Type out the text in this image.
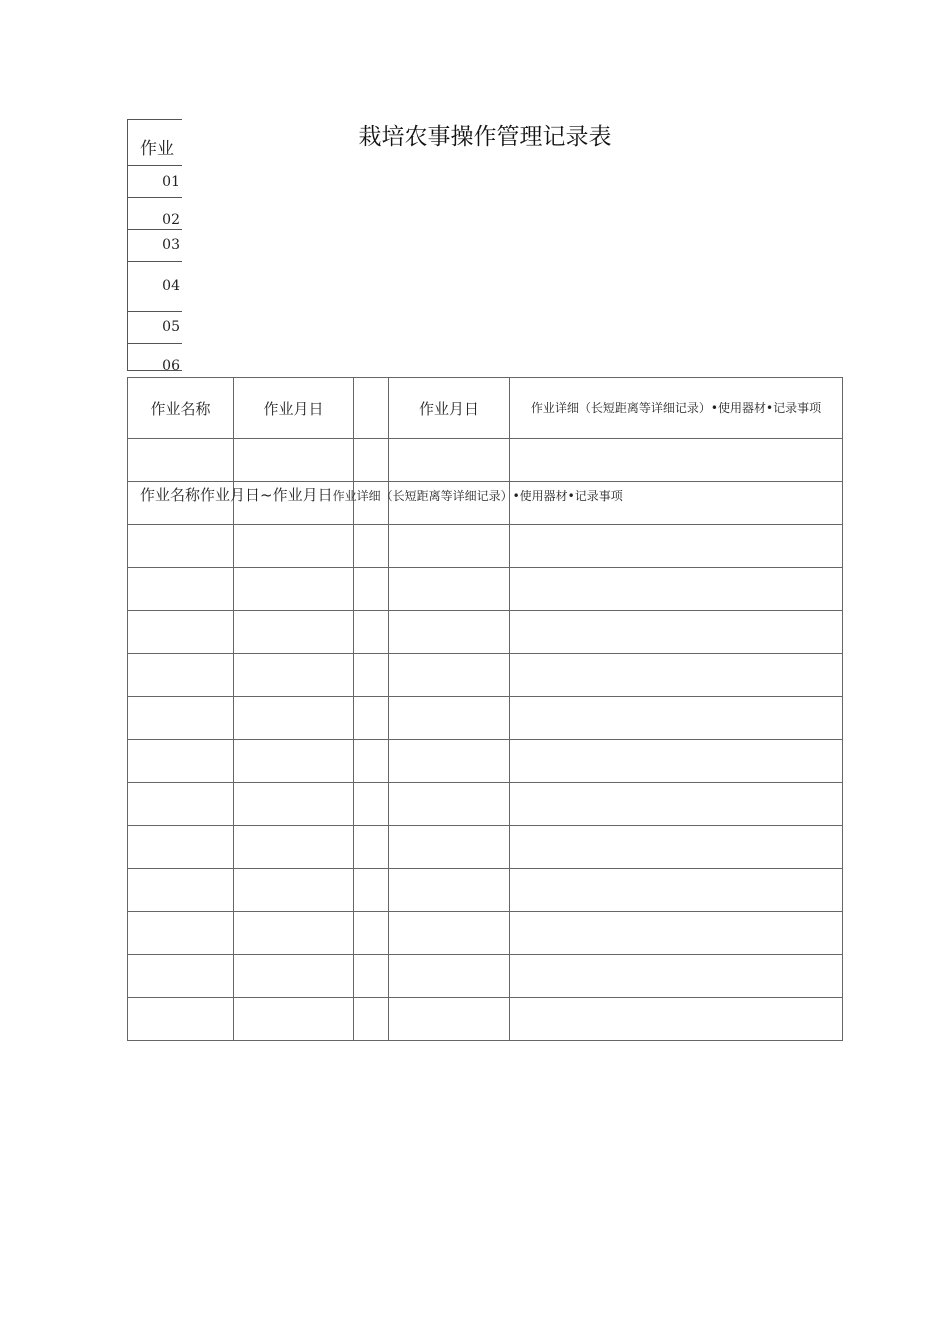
栽培农事操作管理记录表
作业
01
02
03
04
05
06
作业名称	作业月日		作业月日	作业详细（长短距离等详细记录）•使用器材•记录事项

作业名称作业月日~作业月日作业详细（长短距离等详细记录）•使用器材•记录事项
